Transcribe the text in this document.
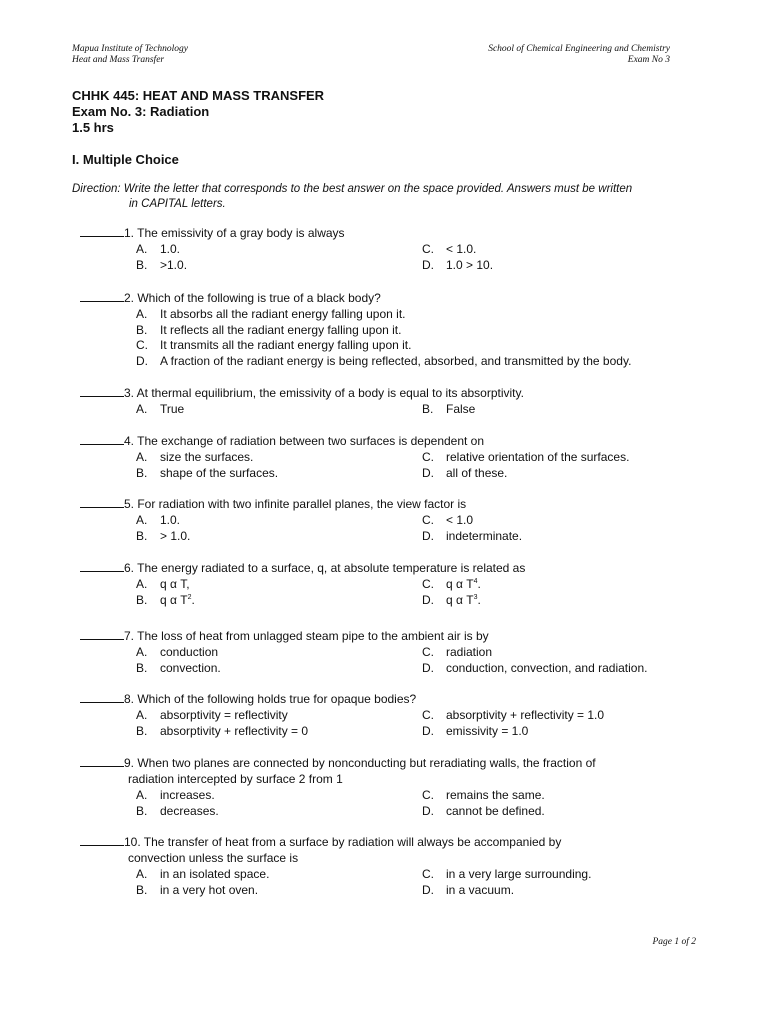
Mapua Institute of Technology
Heat and Mass Transfer
School of Chemical Engineering and Chemistry
Exam No 3
CHHK 445: HEAT AND MASS TRANSFER
Exam No. 3: Radiation
1.5 hrs
I. Multiple Choice
Direction: Write the letter that corresponds to the best answer on the space provided. Answers must be written
in CAPITAL letters.
1. The emissivity of a gray body is always
A. 1.0.	C. < 1.0.
B. >1.0.	D. 1.0 > 10.
2. Which of the following is true of a black body?
A. It absorbs all the radiant energy falling upon it.
B. It reflects all the radiant energy falling upon it.
C. It transmits all the radiant energy falling upon it.
D. A fraction of the radiant energy is being reflected, absorbed, and transmitted by the body.
3. At thermal equilibrium, the emissivity of a body is equal to its absorptivity.
A. True	B. False
4. The exchange of radiation between two surfaces is dependent on
A. size the surfaces.	C. relative orientation of the surfaces.
B. shape of the surfaces.	D. all of these.
5. For radiation with two infinite parallel planes, the view factor is
A. 1.0.	C. < 1.0
B. > 1.0.	D. indeterminate.
6. The energy radiated to a surface, q, at absolute temperature is related as
A. q α T,	C. q α $T^4$.
B. q α $T^2$.	D. q α $T^3$.
7. The loss of heat from unlagged steam pipe to the ambient air is by
A. conduction	C. radiation
B. convection.	D. conduction, convection, and radiation.
8. Which of the following holds true for opaque bodies?
A. absorptivity = reflectivity	C. absorptivity + reflectivity = 1.0
B. absorptivity + reflectivity = 0	D. emissivity = 1.0
9. When two planes are connected by nonconducting but reradiating walls, the fraction of
radiation intercepted by surface 2 from 1
A. increases.	C. remains the same.
B. decreases.	D. cannot be defined.
10. The transfer of heat from a surface by radiation will always be accompanied by
convection unless the surface is
A. in an isolated space.	C. in a very large surrounding.
B. in a very hot oven.	D. in a vacuum.
Page 1 of 2
